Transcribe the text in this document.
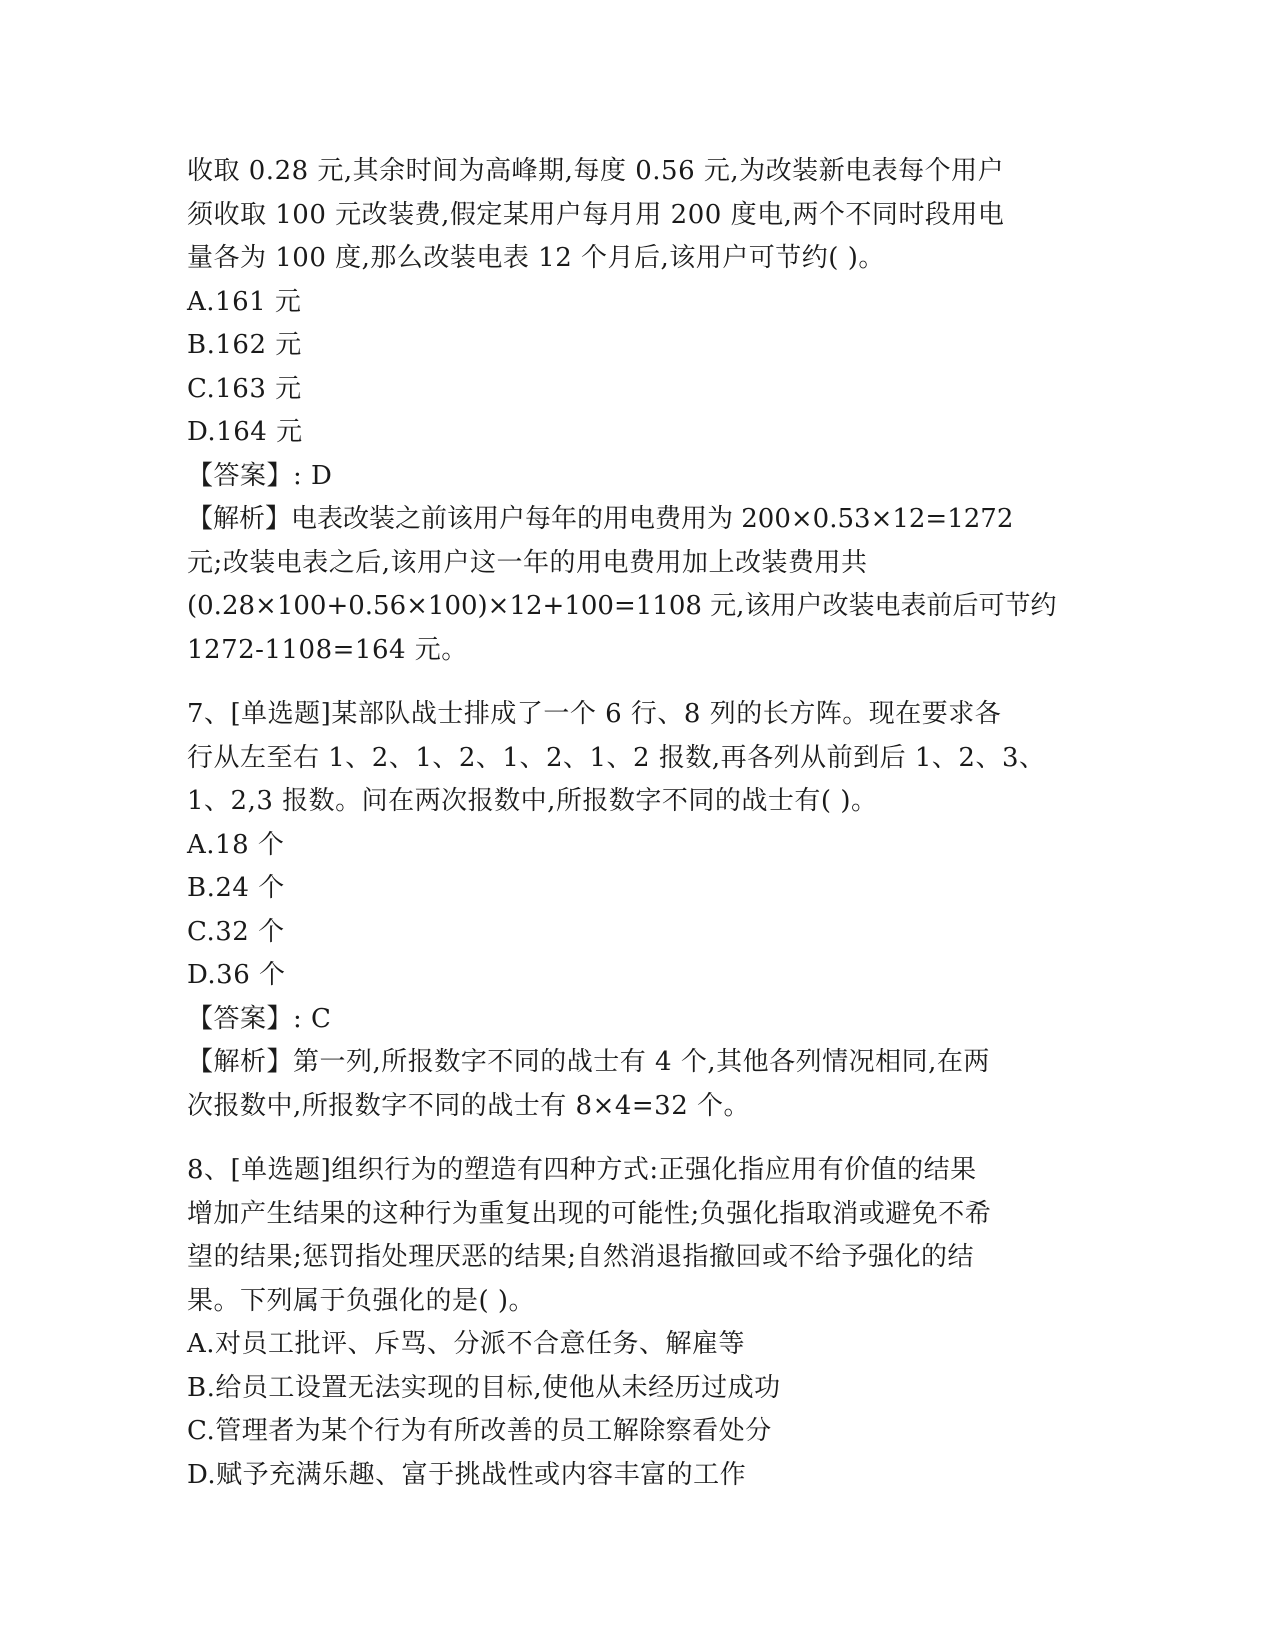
收取 0.28 元,其余时间为高峰期,每度 0.56 元,为改装新电表每个用户
须收取 100 元改装费,假定某用户每月用 200 度电,两个不同时段用电
量各为 100 度,那么改装电表 12 个月后,该用户可节约( )。
A.161 元
B.162 元
C.163 元
D.164 元
【答案】: D
【解析】电表改装之前该用户每年的用电费用为 200×0.53×12=1272
元;改装电表之后,该用户这一年的用电费用加上改装费用共
(0.28×100+0.56×100)×12+100=1108 元,该用户改装电表前后可节约
1272-1108=164 元。
7、[单选题]某部队战士排成了一个 6 行、8 列的长方阵。现在要求各
行从左至右 1、2、1、2、1、2、1、2 报数,再各列从前到后 1、2、3、
1、2,3 报数。问在两次报数中,所报数字不同的战士有( )。
A.18 个
B.24 个
C.32 个
D.36 个
【答案】: C
【解析】第一列,所报数字不同的战士有 4 个,其他各列情况相同,在两
次报数中,所报数字不同的战士有 8×4=32 个。
8、[单选题]组织行为的塑造有四种方式:正强化指应用有价值的结果
增加产生结果的这种行为重复出现的可能性;负强化指取消或避免不希
望的结果;惩罚指处理厌恶的结果;自然消退指撤回或不给予强化的结
果。下列属于负强化的是( )。
A.对员工批评、斥骂、分派不合意任务、解雇等
B.给员工设置无法实现的目标,使他从未经历过成功
C.管理者为某个行为有所改善的员工解除察看处分
D.赋予充满乐趣、富于挑战性或内容丰富的工作
